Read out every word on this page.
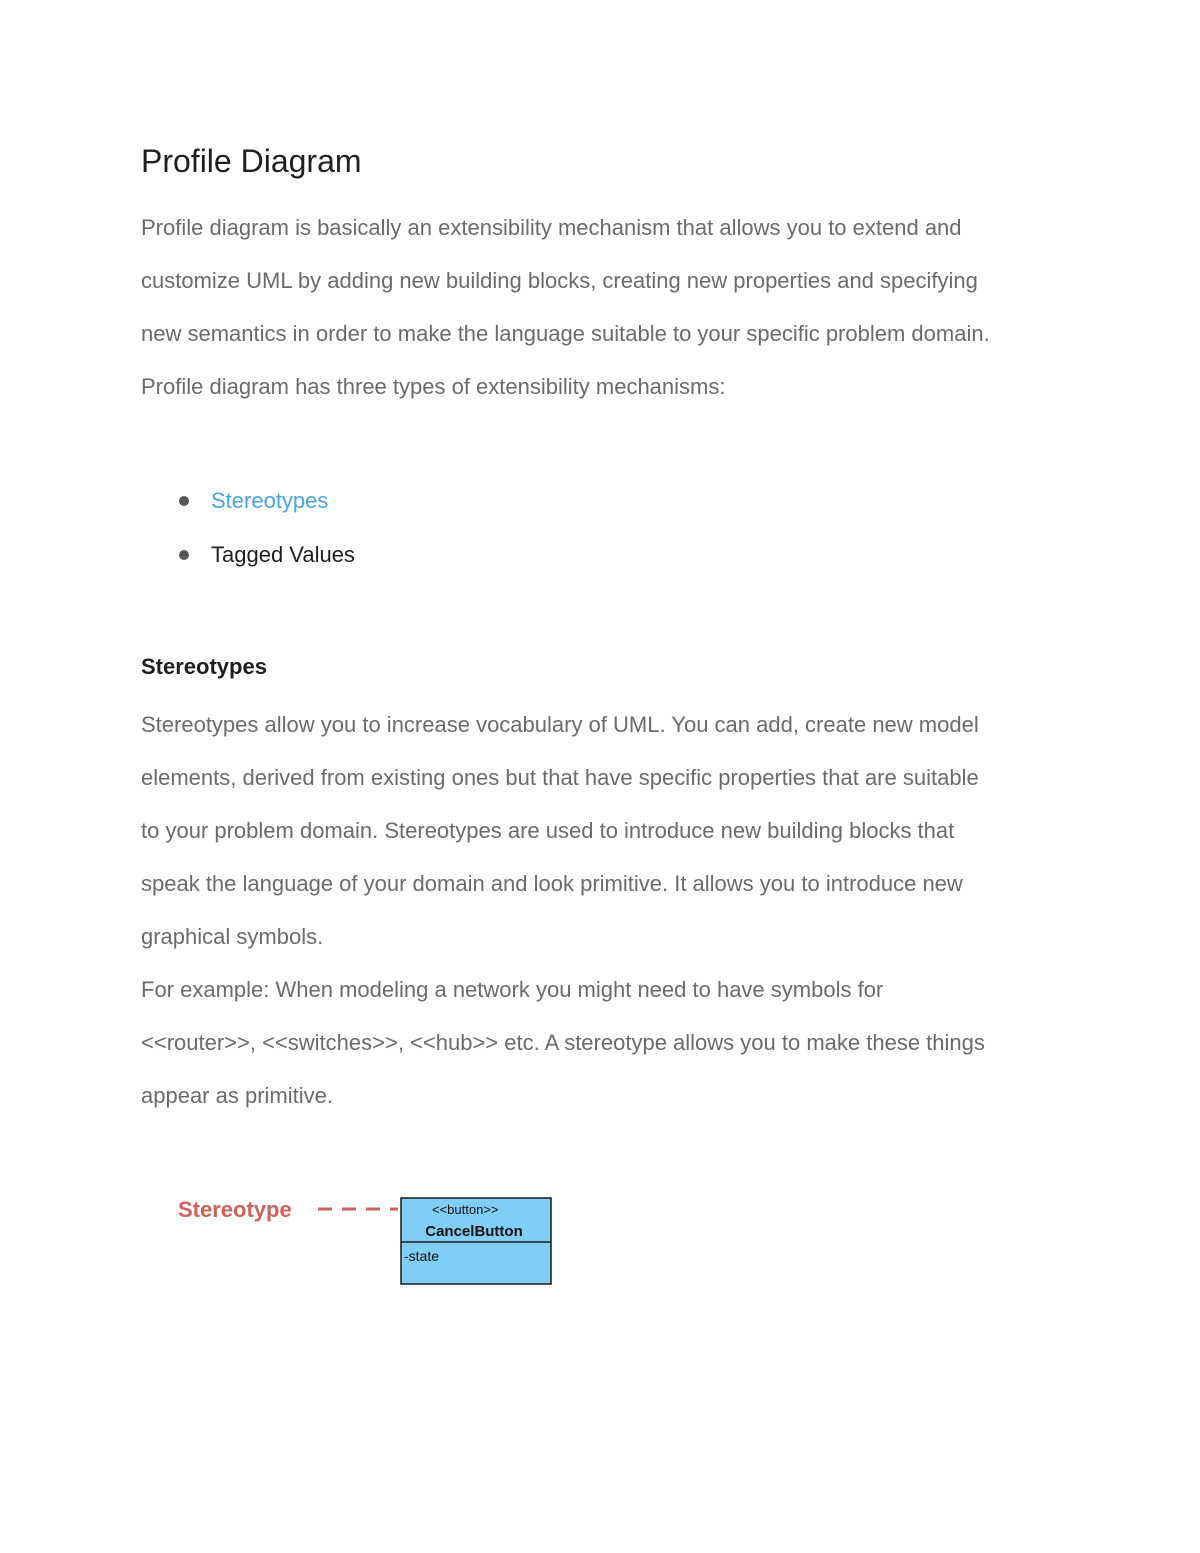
Profile Diagram

Profile diagram is basically an extensibility mechanism that allows you to extend and
customize UML by adding new building blocks, creating new properties and specifying
new semantics in order to make the language suitable to your specific problem domain.
Profile diagram has three types of extensibility mechanisms:

Stereotypes
Tagged Values
Stereotypes

Stereotypes allow you to increase vocabulary of UML. You can add, create new model
elements, derived from existing ones but that have specific properties that are suitable
to your problem domain. Stereotypes are used to introduce new building blocks that
speak the language of your domain and look primitive. It allows you to introduce new
graphical symbols.
For example: When modeling a network you might need to have symbols for
<<router>>, <<switches>>, <<hub>> etc. A stereotype allows you to make these things
appear as primitive.

Stereotype	<<button>>
CancelButton
-state
